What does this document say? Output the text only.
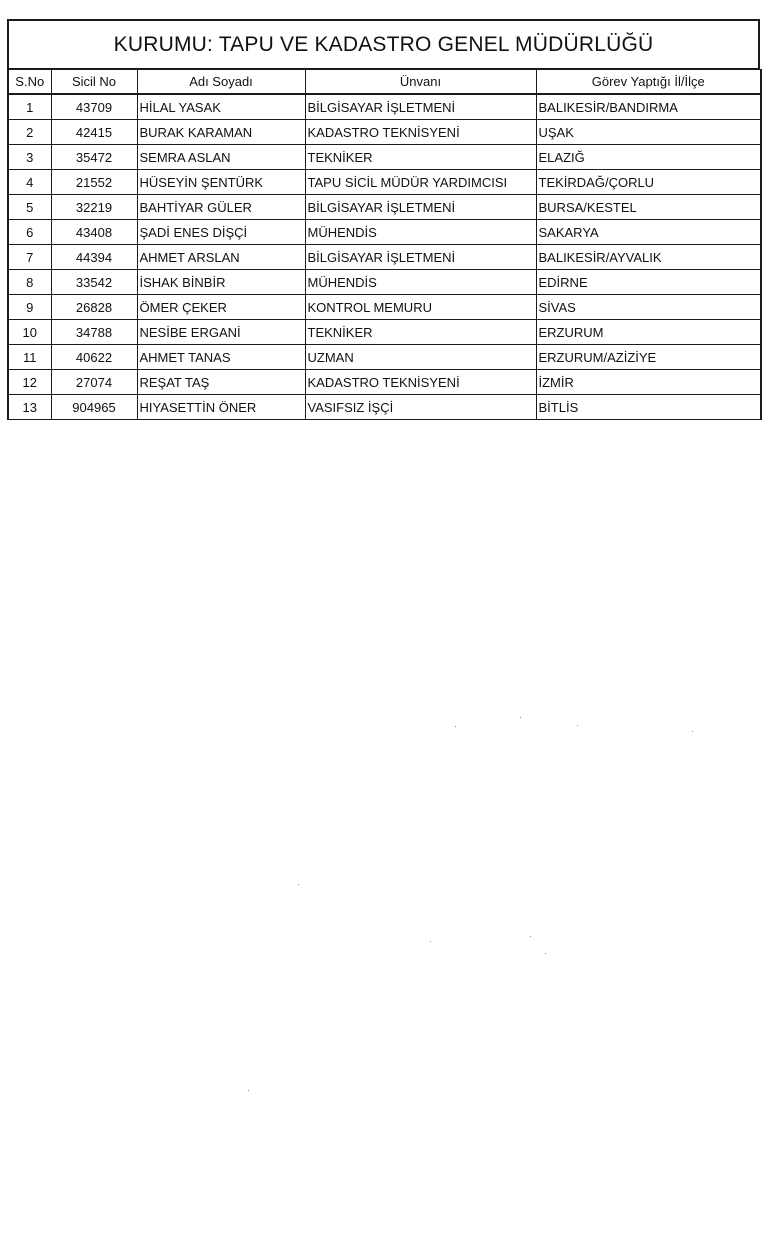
KURUMU: TAPU VE KADASTRO GENEL MÜDÜRLÜĞÜ
S.No	Sicil No	Adı Soyadı	Ünvanı	Görev Yaptığı İl/İlçe
1	43709	HİLAL YASAK	BİLGİSAYAR İŞLETMENİ	BALIKESİR/BANDIRMA
2	42415	BURAK KARAMAN	KADASTRO TEKNİSYENİ	UŞAK
3	35472	SEMRA ASLAN	TEKNİKER	ELAZIĞ
4	21552	HÜSEYİN ŞENTÜRK	TAPU SİCİL MÜDÜR YARDIMCISI	TEKİRDAĞ/ÇORLU
5	32219	BAHTİYAR GÜLER	BİLGİSAYAR İŞLETMENİ	BURSA/KESTEL
6	43408	ŞADİ ENES DİŞÇİ	MÜHENDİS	SAKARYA
7	44394	AHMET ARSLAN	BİLGİSAYAR İŞLETMENİ	BALIKESİR/AYVALIK
8	33542	İSHAK BİNBİR	MÜHENDİS	EDİRNE
9	26828	ÖMER ÇEKER	KONTROL MEMURU	SİVAS
10	34788	NESİBE ERGANİ	TEKNİKER	ERZURUM
11	40622	AHMET TANAS	UZMAN	ERZURUM/AZİZİYE
12	27074	REŞAT TAŞ	KADASTRO TEKNİSYENİ	İZMİR
13	904965	HIYASETTİN ÖNER	VASIFSIZ İŞÇİ	BİTLİS
